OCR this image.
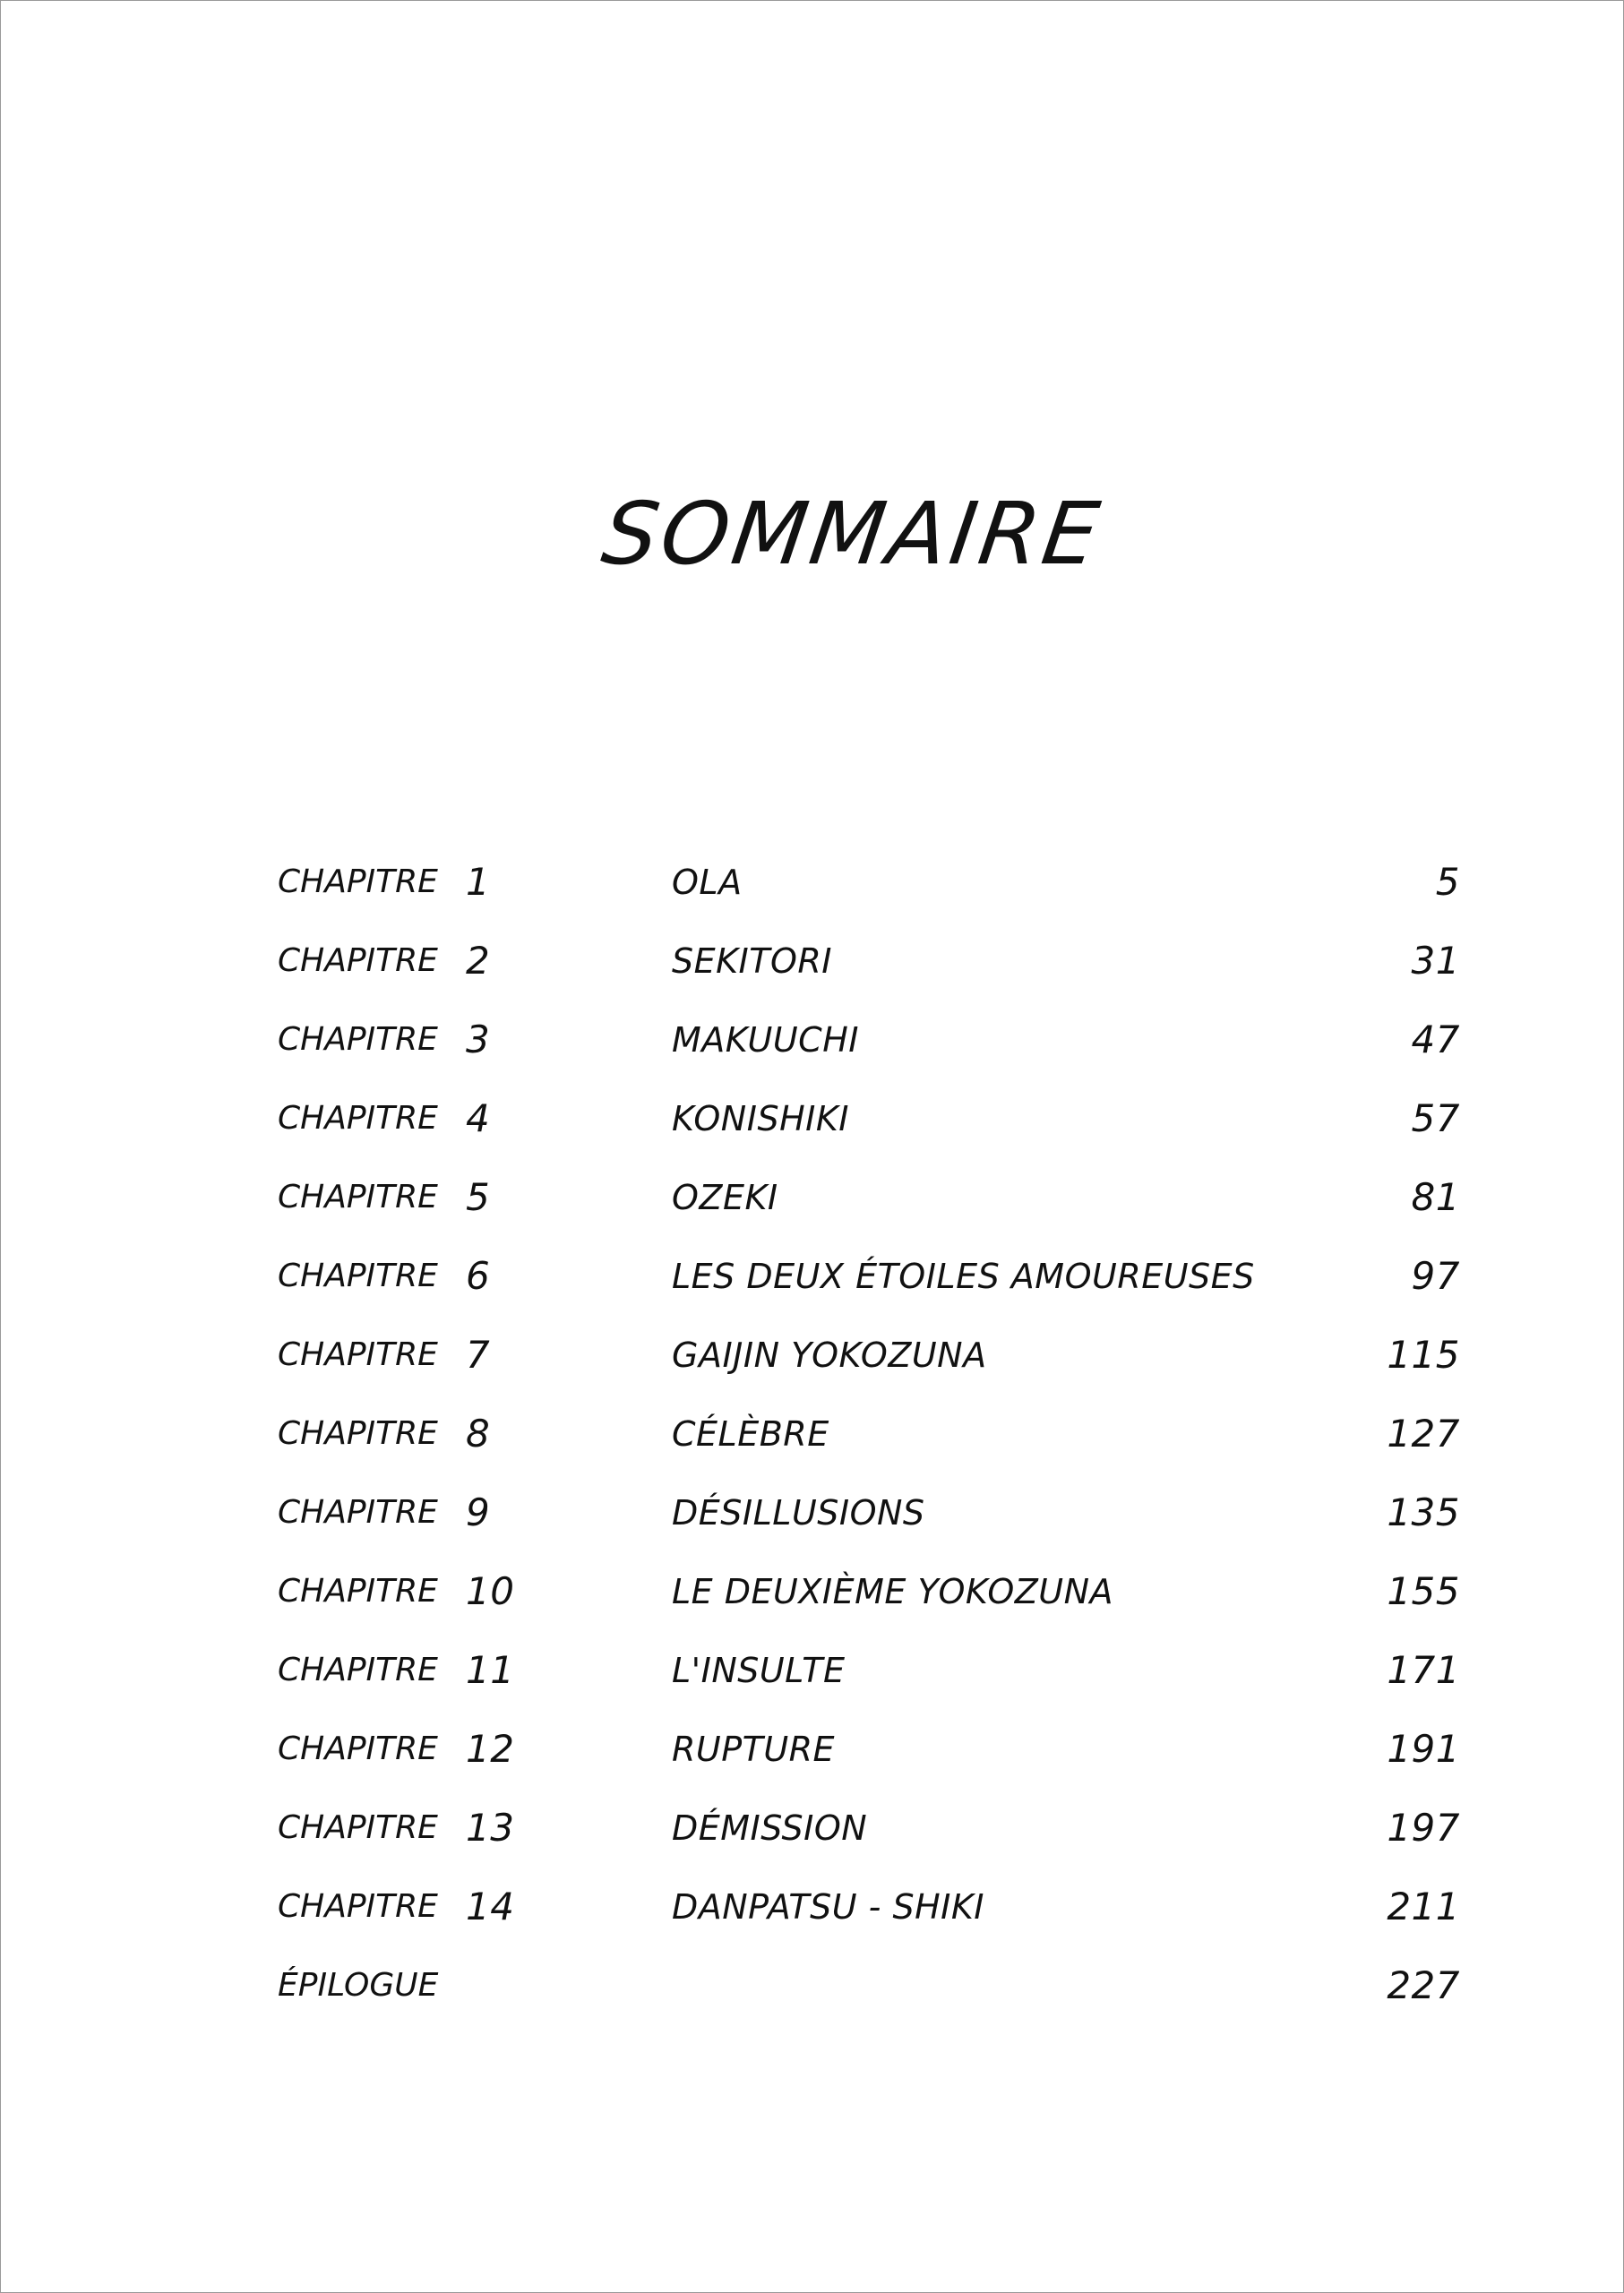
SOMMAIRE
CHAPITRE 1	OLA	5
CHAPITRE 2	SEKITORI	31
CHAPITRE 3	MAKUUCHI	47
CHAPITRE 4	KONISHIKI	57
CHAPITRE 5	OZEKI	81
CHAPITRE 6	LES DEUX ÉTOILES AMOUREUSES	97
CHAPITRE 7	GAIJIN YOKOZUNA	115
CHAPITRE 8	CÉLÈBRE	127
CHAPITRE 9	DÉSILLUSIONS	135
CHAPITRE 10	LE DEUXIÈME YOKOZUNA	155
CHAPITRE 11	L'INSULTE	171
CHAPITRE 12	RUPTURE	191
CHAPITRE 13	DÉMISSION	197
CHAPITRE 14	DANPATSU - SHIKI	211
ÉPILOGUE	227
